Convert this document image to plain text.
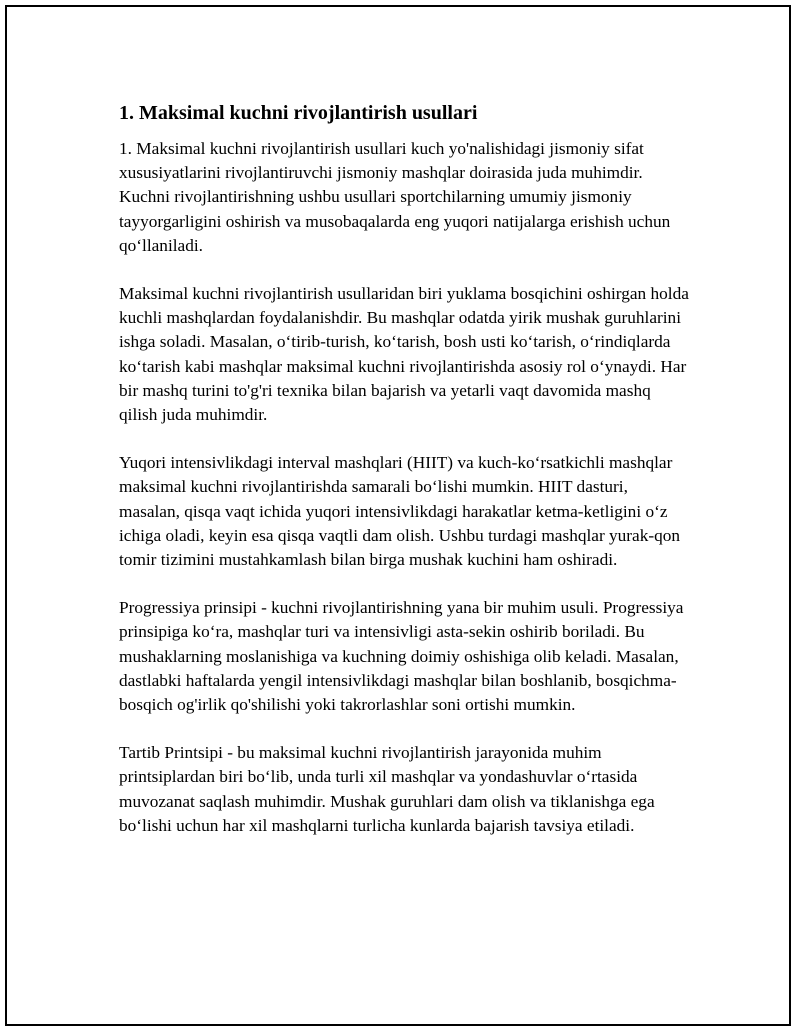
1. Maksimal kuchni rivojlantirish usullari

1. Maksimal kuchni rivojlantirish usullari kuch yo'nalishidagi jismoniy sifat xususiyatlarini rivojlantiruvchi jismoniy mashqlar doirasida juda muhimdir. Kuchni rivojlantirishning ushbu usullari sportchilarning umumiy jismoniy tayyorgarligini oshirish va musobaqalarda eng yuqori natijalarga erishish uchun qo‘llaniladi.

Maksimal kuchni rivojlantirish usullaridan biri yuklama bosqichini oshirgan holda kuchli mashqlardan foydalanishdir. Bu mashqlar odatda yirik mushak guruhlarini ishga soladi. Masalan, o‘tirib-turish, ko‘tarish, bosh usti ko‘tarish, o‘rindiqlarda ko‘tarish kabi mashqlar maksimal kuchni rivojlantirishda asosiy rol o‘ynaydi. Har bir mashq turini to'g'ri texnika bilan bajarish va yetarli vaqt davomida mashq qilish juda muhimdir.

Yuqori intensivlikdagi interval mashqlari (HIIT) va kuch-ko‘rsatkichli mashqlar maksimal kuchni rivojlantirishda samarali bo‘lishi mumkin. HIIT dasturi, masalan, qisqa vaqt ichida yuqori intensivlikdagi harakatlar ketma-ketligini o‘z ichiga oladi, keyin esa qisqa vaqtli dam olish. Ushbu turdagi mashqlar yurak-qon tomir tizimini mustahkamlash bilan birga mushak kuchini ham oshiradi.

Progressiya prinsipi - kuchni rivojlantirishning yana bir muhim usuli. Progressiya prinsipiga ko‘ra, mashqlar turi va intensivligi asta-sekin oshirib boriladi. Bu mushaklarning moslanishiga va kuchning doimiy oshishiga olib keladi. Masalan, dastlabki haftalarda yengil intensivlikdagi mashqlar bilan boshlanib, bosqichma-bosqich og'irlik qo'shilishi yoki takrorlashlar soni ortishi mumkin.

Tartib Printsipi - bu maksimal kuchni rivojlantirish jarayonida muhim printsiplardan biri bo‘lib, unda turli xil mashqlar va yondashuvlar o‘rtasida muvozanat saqlash muhimdir. Mushak guruhlari dam olish va tiklanishga ega bo‘lishi uchun har xil mashqlarni turlicha kunlarda bajarish tavsiya etiladi.
